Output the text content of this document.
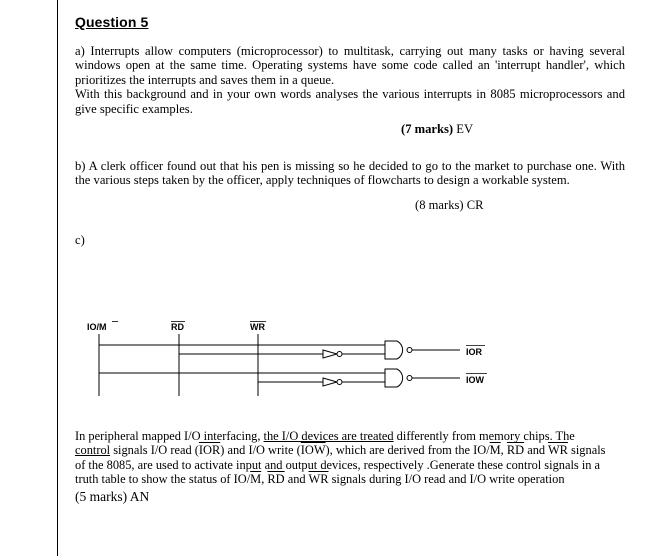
Question 5

a) Interrupts allow computers (microprocessor) to multitask, carrying out many tasks or having several windows open at the same time. Operating systems have some code called an 'interrupt handler', which prioritizes the interrupts and saves them in a queue.

With this background and in your own words analyses the various interrupts in 8085 microprocessors and give specific examples.

(7 marks) EV

b) A clerk officer found out that his pen is missing so he decided to go to the market to purchase one. With the various steps taken by the officer, apply techniques of flowcharts to design a workable system.

(8 marks) CR
c)
IO/M	RD	WR
IOR
IOW

In peripheral mapped I/O interfacing, the I/O devices are treated differently from memory chips. The control signals I/O read $(\overline{IOR})$ and I/O write $(\overline{IOW})$, which are derived from the $IO/\overline{M}$, $\overline{RD}$ and $\overline{WR}$ signals of the 8085, are used to activate input and output devices, respectively .Generate these control signals in a truth table to show the status of $IO/\overline{M}$, $\overline{RD}$ and $\overline{WR}$ signals during I/O read and I/O write operation

(5 marks) AN
